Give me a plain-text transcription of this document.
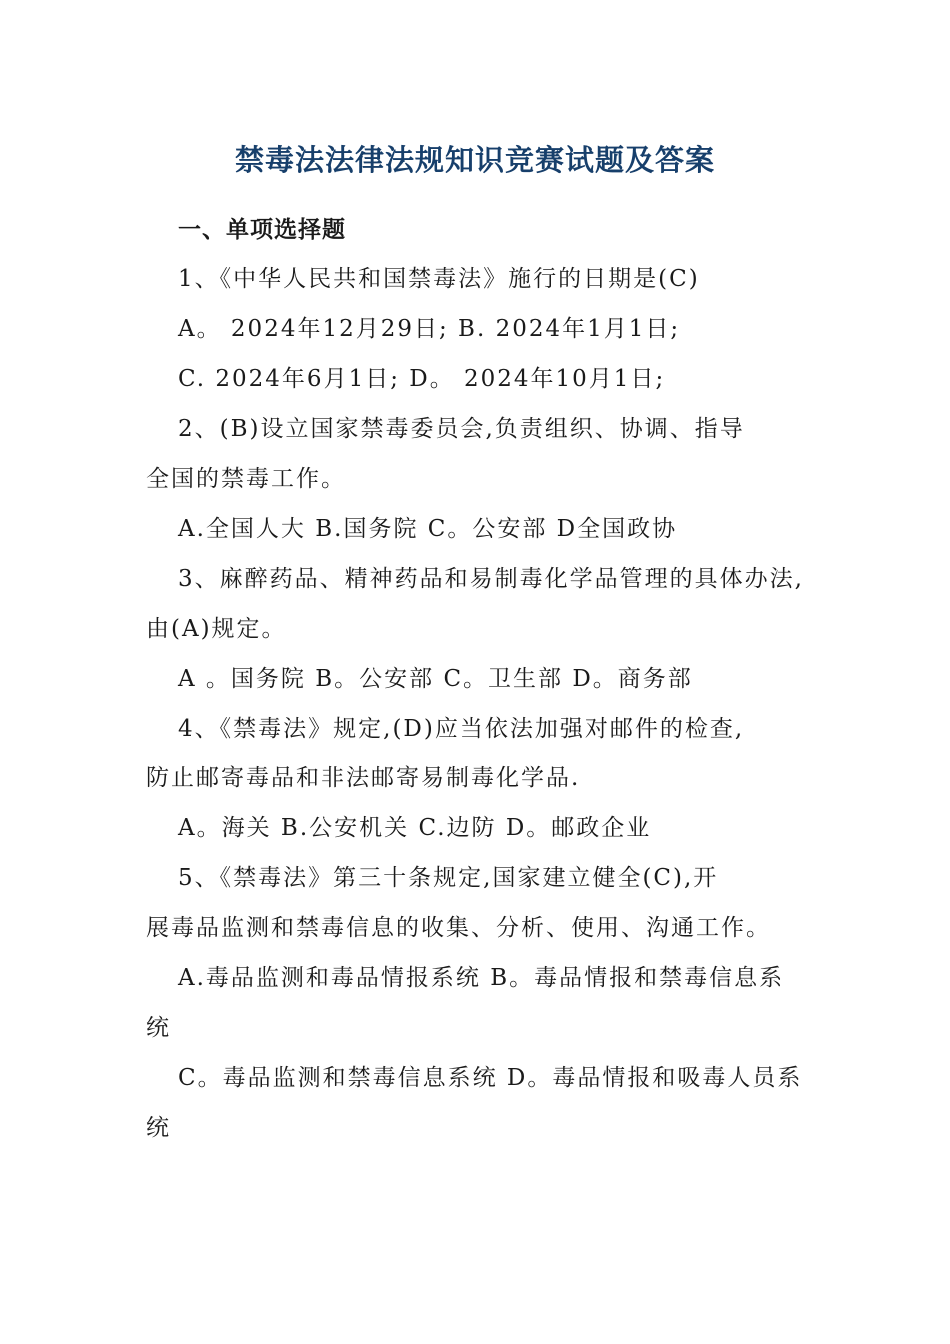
禁毒法法律法规知识竞赛试题及答案
一、单项选择题
1、《中华人民共和国禁毒法》施行的日期是(C)
A。 2024年12月29日; B. 2024年1月1日;
C. 2024年6月1日; D。 2024年10月1日;
2、(B)设立国家禁毒委员会,负责组织、协调、指导
全国的禁毒工作。
A.全国人大 B.国务院 C。公安部 D全国政协
3、麻醉药品、精神药品和易制毒化学品管理的具体办法,
由(A)规定。
A 。国务院 B。公安部 C。卫生部 D。商务部
4、《禁毒法》规定,(D)应当依法加强对邮件的检查,
防止邮寄毒品和非法邮寄易制毒化学品.
A。海关 B.公安机关 C.边防 D。邮政企业
5、《禁毒法》第三十条规定,国家建立健全(C),开
展毒品监测和禁毒信息的收集、分析、使用、沟通工作。
A.毒品监测和毒品情报系统 B。毒品情报和禁毒信息系
统
C。毒品监测和禁毒信息系统 D。毒品情报和吸毒人员系
统
